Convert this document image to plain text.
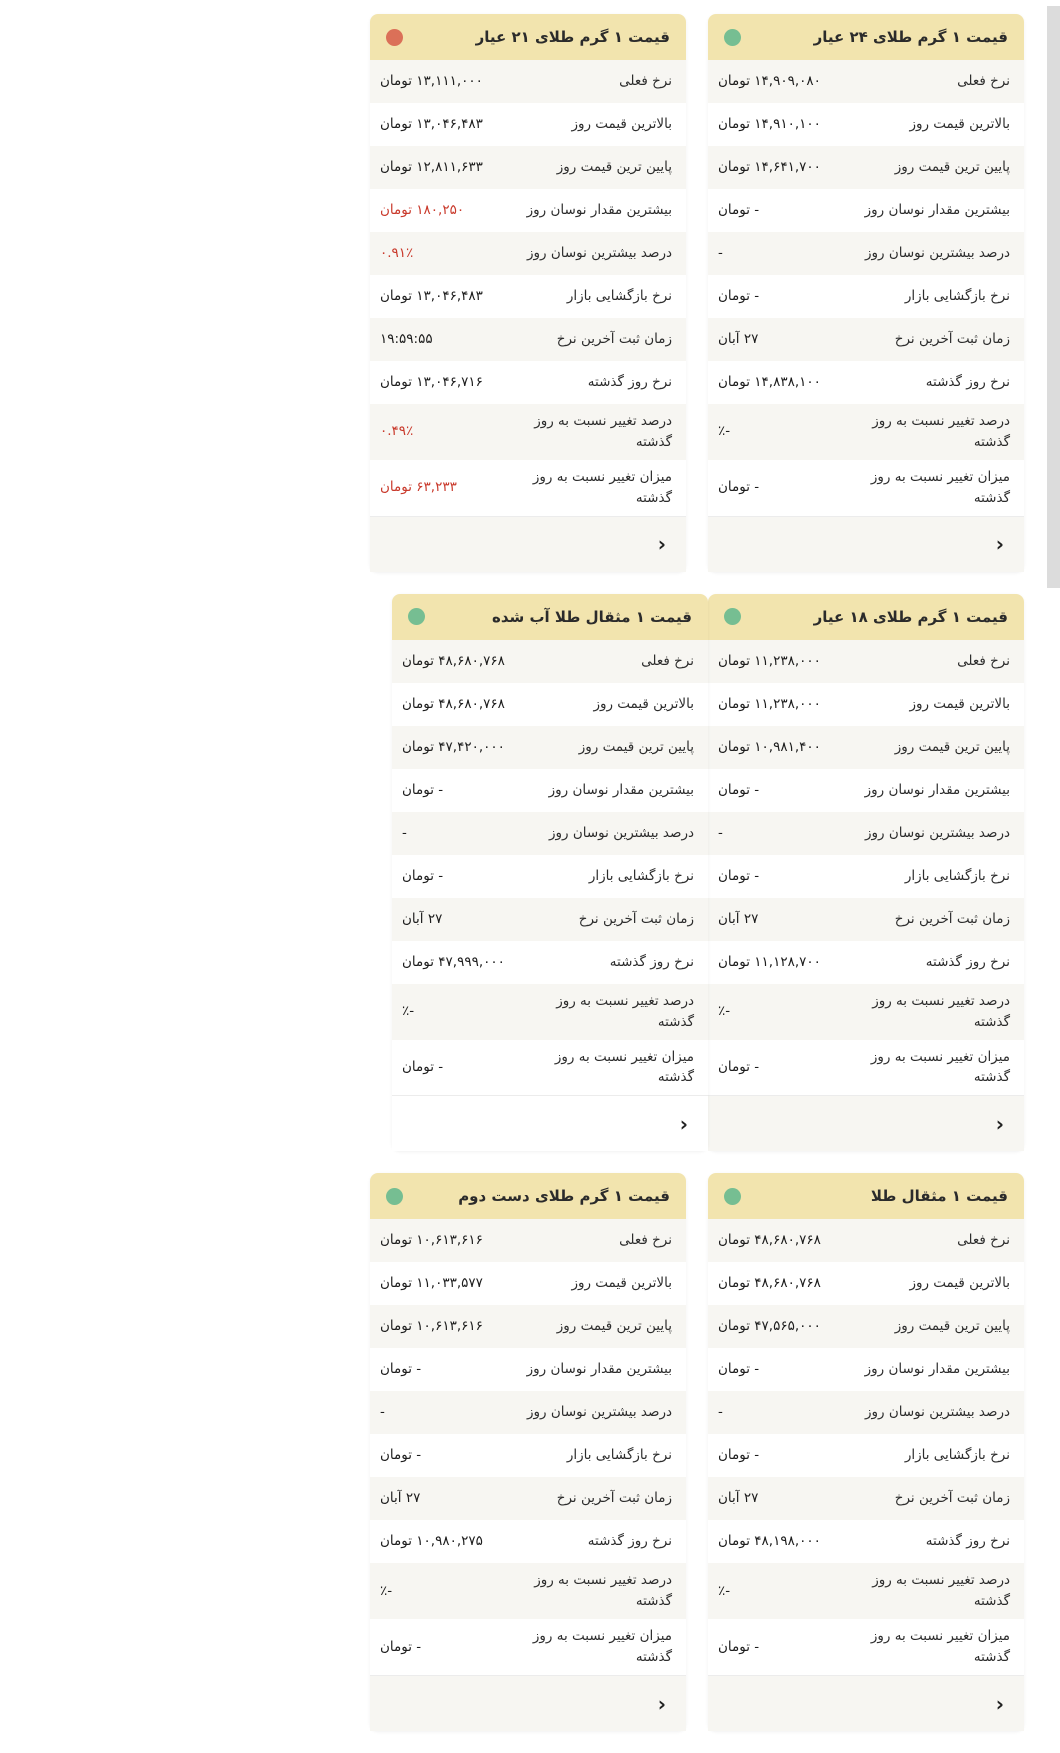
قیمت ۱ گرم طلای ۲۴ عیار
نرخ فعلی
۱۴,۹۰۹,۰۸۰ تومان
بالاترین قیمت روز
۱۴,۹۱۰,۱۰۰ تومان
پایین ترین قیمت روز
۱۴,۶۴۱,۷۰۰ تومان
بیشترین مقدار نوسان روز
- تومان
درصد بیشترین نوسان روز
-
نرخ بازگشایی بازار
- تومان
زمان ثبت آخرین نرخ
۲۷ آبان
نرخ روز گذشته
۱۴,۸۳۸,۱۰۰ تومان
درصد تغییر نسبت به روز گذشته
-٪
میزان تغییر نسبت به روز گذشته
- تومان
‹
قیمت ۱ گرم طلای ۲۱ عیار
نرخ فعلی
۱۳,۱۱۱,۰۰۰ تومان
بالاترین قیمت روز
۱۳,۰۴۶,۴۸۳ تومان
پایین ترین قیمت روز
۱۲,۸۱۱,۶۳۳ تومان
بیشترین مقدار نوسان روز
۱۸۰,۲۵۰ تومان
درصد بیشترین نوسان روز
۰.۹۱٪
نرخ بازگشایی بازار
۱۳,۰۴۶,۴۸۳ تومان
زمان ثبت آخرین نرخ
۱۹:۵۹:۵۵
نرخ روز گذشته
۱۳,۰۴۶,۷۱۶ تومان
درصد تغییر نسبت به روز گذشته
۰.۴۹٪
میزان تغییر نسبت به روز گذشته
۶۳,۲۳۳ تومان
‹
قیمت ۱ گرم طلای ۱۸ عیار
نرخ فعلی
۱۱,۲۳۸,۰۰۰ تومان
بالاترین قیمت روز
۱۱,۲۳۸,۰۰۰ تومان
پایین ترین قیمت روز
۱۰,۹۸۱,۴۰۰ تومان
بیشترین مقدار نوسان روز
- تومان
درصد بیشترین نوسان روز
-
نرخ بازگشایی بازار
- تومان
زمان ثبت آخرین نرخ
۲۷ آبان
نرخ روز گذشته
۱۱,۱۲۸,۷۰۰ تومان
درصد تغییر نسبت به روز گذشته
-٪
میزان تغییر نسبت به روز گذشته
- تومان
‹
قیمت ۱ مثقال طلا آب شده
نرخ فعلی
۴۸,۶۸۰,۷۶۸ تومان
بالاترین قیمت روز
۴۸,۶۸۰,۷۶۸ تومان
پایین ترین قیمت روز
۴۷,۴۲۰,۰۰۰ تومان
بیشترین مقدار نوسان روز
- تومان
درصد بیشترین نوسان روز
-
نرخ بازگشایی بازار
- تومان
زمان ثبت آخرین نرخ
۲۷ آبان
نرخ روز گذشته
۴۷,۹۹۹,۰۰۰ تومان
درصد تغییر نسبت به روز گذشته
-٪
میزان تغییر نسبت به روز گذشته
- تومان
‹
قیمت ۱ مثقال طلا
نرخ فعلی
۴۸,۶۸۰,۷۶۸ تومان
بالاترین قیمت روز
۴۸,۶۸۰,۷۶۸ تومان
پایین ترین قیمت روز
۴۷,۵۶۵,۰۰۰ تومان
بیشترین مقدار نوسان روز
- تومان
درصد بیشترین نوسان روز
-
نرخ بازگشایی بازار
- تومان
زمان ثبت آخرین نرخ
۲۷ آبان
نرخ روز گذشته
۴۸,۱۹۸,۰۰۰ تومان
درصد تغییر نسبت به روز گذشته
-٪
میزان تغییر نسبت به روز گذشته
- تومان
‹
قیمت ۱ گرم طلای دست دوم
نرخ فعلی
۱۰,۶۱۳,۶۱۶ تومان
بالاترین قیمت روز
۱۱,۰۳۳,۵۷۷ تومان
پایین ترین قیمت روز
۱۰,۶۱۳,۶۱۶ تومان
بیشترین مقدار نوسان روز
- تومان
درصد بیشترین نوسان روز
-
نرخ بازگشایی بازار
- تومان
زمان ثبت آخرین نرخ
۲۷ آبان
نرخ روز گذشته
۱۰,۹۸۰,۲۷۵ تومان
درصد تغییر نسبت به روز گذشته
-٪
میزان تغییر نسبت به روز گذشته
- تومان
‹
